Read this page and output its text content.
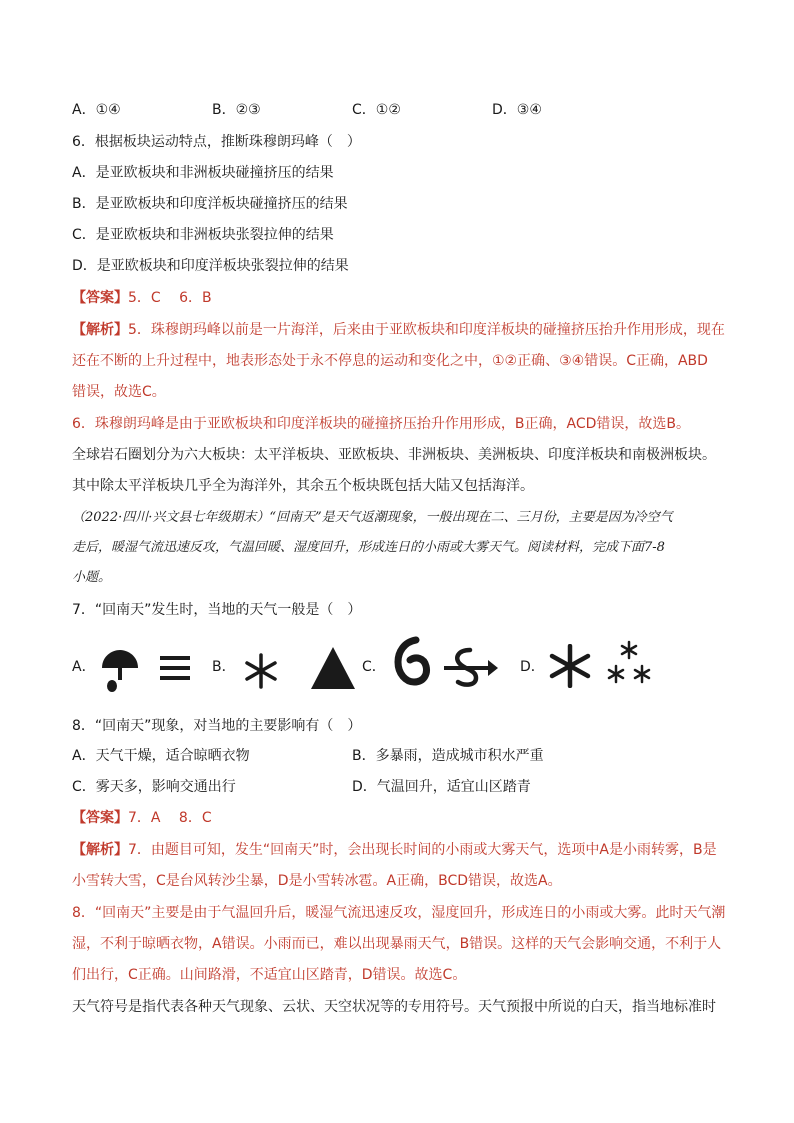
A．①④	B．②③	C．①②	D．③④
6．根据板块运动特点，推断珠穆朗玛峰（　）
A．是亚欧板块和非洲板块碰撞挤压的结果
B．是亚欧板块和印度洋板块碰撞挤压的结果
C．是亚欧板块和非洲板块张裂拉伸的结果
D．是亚欧板块和印度洋板块张裂拉伸的结果
【答案】5．C　 6．B
【解析】5．珠穆朗玛峰以前是一片海洋，后来由于亚欧板块和印度洋板块的碰撞挤压抬升作用形成，现在
还在不断的上升过程中，地表形态处于永不停息的运动和变化之中，①②正确、③④错误。C正确，ABD
错误，故选C。
6．珠穆朗玛峰是由于亚欧板块和印度洋板块的碰撞挤压抬升作用形成，B正确，ACD错误，故选B。
全球岩石圈划分为六大板块：太平洋板块、亚欧板块、非洲板块、美洲板块、印度洋板块和南极洲板块。
其中除太平洋板块几乎全为海洋外，其余五个板块既包括大陆又包括海洋。
（2022·四川·兴文县七年级期末）“回南天”是天气返潮现象，一般出现在二、三月份，主要是因为冷空气
走后，暖湿气流迅速反攻，气温回暖、湿度回升，形成连日的小雨或大雾天气。阅读材料，完成下面7-8
小题。
7．“回南天”发生时，当地的天气一般是（　）
A．	B．	C．	D．
8．“回南天”现象，对当地的主要影响有（　）
A．天气干燥，适合晾晒衣物	B．多暴雨，造成城市积水严重
C．雾天多，影响交通出行	D．气温回升，适宜山区踏青
【答案】7．A　 8．C
【解析】7．由题目可知，发生“回南天”时，会出现长时间的小雨或大雾天气，选项中A是小雨转雾，B是
小雪转大雪，C是台风转沙尘暴，D是小雪转冰雹。A正确，BCD错误，故选A。
8．“回南天”主要是由于气温回升后，暖湿气流迅速反攻，湿度回升，形成连日的小雨或大雾。此时天气潮
湿，不利于晾晒衣物，A错误。小雨而已，难以出现暴雨天气，B错误。这样的天气会影响交通，不利于人
们出行，C正确。山间路滑，不适宜山区踏青，D错误。故选C。
天气符号是指代表各种天气现象、云状、天空状况等的专用符号。天气预报中所说的白天，指当地标准时
